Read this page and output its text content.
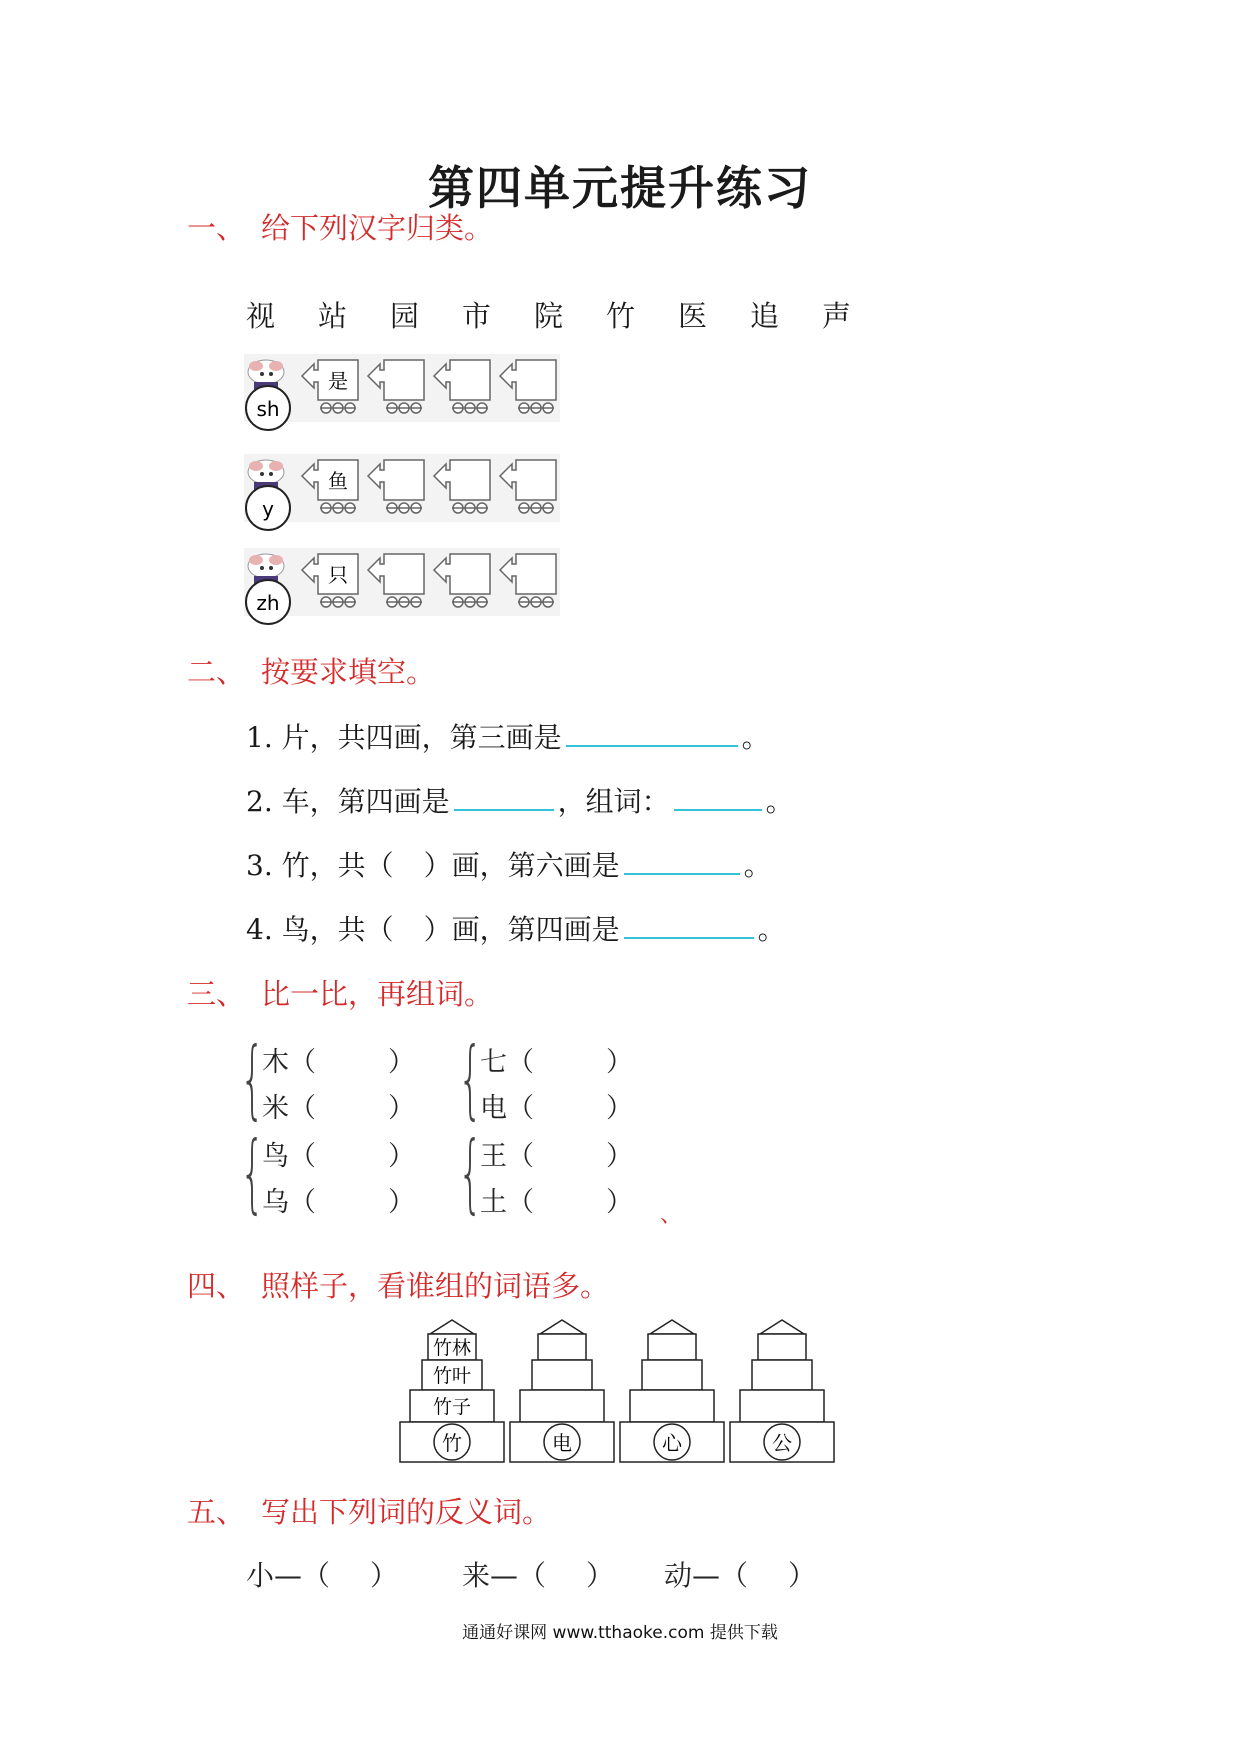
第四单元提升练习
一、 给下列汉字归类。
视	站	园	市	院	竹	医	追	声
sh
是
y
鱼
zh
只
二、 按要求填空。
1. 片，共四画，第三画是	。
2. 车，第四画是	，组词：	。
3. 竹，共（ ）画，第六画是	。
4. 鸟，共（ ）画，第四画是	。
三、 比一比，再组词。
{
木 （	）
米 （	） {
七 （	）
电 （	）
{
鸟 （	）
乌 （	） {
王 （	）
土 （	） 、
四、 照样子，看谁组的词语多。
竹林
竹叶
竹子
竹	电	心	公
五、 写出下列词的反义词。
小— （ ） 来— （ ） 动— （ ）
通通好课网 www.tthaoke.com 提供下载
